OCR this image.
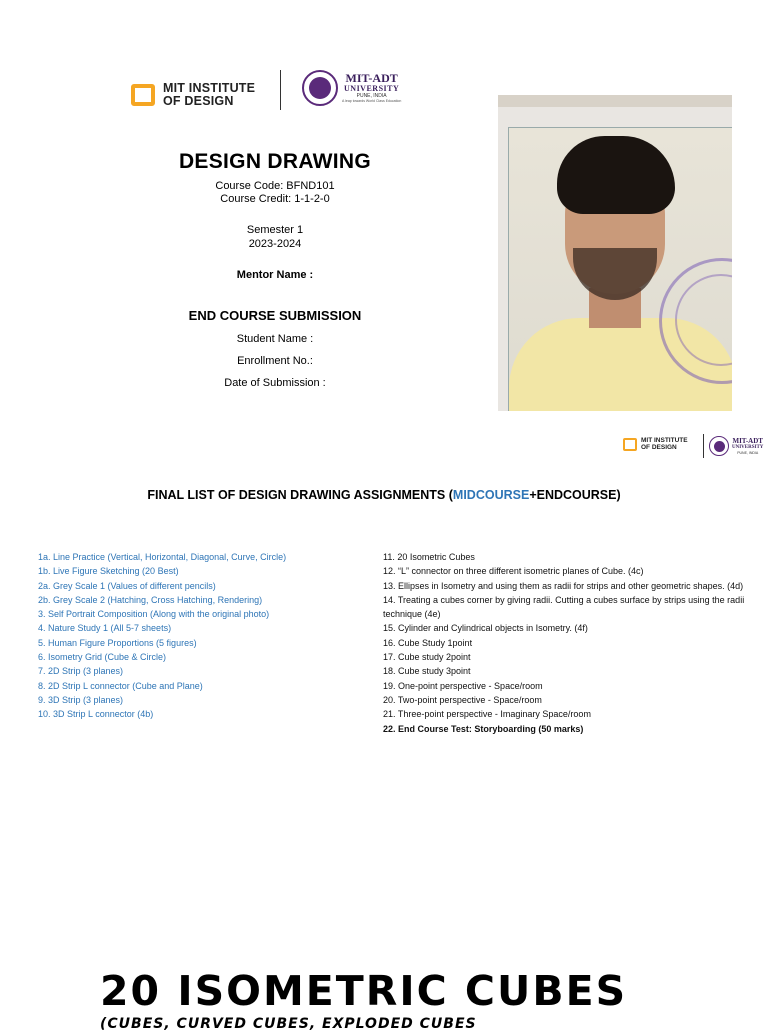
MIT INSTITUTE
OF DESIGN
MIT-ADT
UNIVERSITY
PUNE, INDIA
A leap towards World Class Education
DESIGN DRAWING
Course Code: BFND101
Course Credit: 1-1-2-0
Semester 1
2023-2024
Mentor Name :
END COURSE SUBMISSION
Student Name :
Enrollment No.:
Date of Submission :
MIT INSTITUTE
OF DESIGN
MIT-ADT
UNIVERSITY
PUNE, INDIA
FINAL LIST OF DESIGN DRAWING ASSIGNMENTS (MIDCOURSE+ENDCOURSE)
1a. Line Practice (Vertical, Horizontal, Diagonal, Curve, Circle)
1b. Live Figure Sketching (20 Best)
2a. Grey Scale 1 (Values of different pencils)
2b. Grey Scale 2 (Hatching, Cross Hatching, Rendering)
3. Self Portrait Composition (Along with the original photo)
4. Nature Study 1 (All 5-7 sheets)
5. Human Figure Proportions (5 figures)
6. Isometry Grid (Cube & Circle)
7. 2D Strip (3 planes)
8. 2D Strip L connector (Cube and Plane)
9. 3D Strip (3 planes)
10. 3D Strip L connector (4b)
11. 20 Isometric Cubes
12. “L” connector on three different isometric planes of Cube. (4c)
13. Ellipses in Isometry and using them as radii for strips and other geometric shapes. (4d)
14. Treating a cubes corner by giving radii. Cutting a cubes surface by strips using the radii technique (4e)
15. Cylinder and Cylindrical objects in Isometry. (4f)
16. Cube Study 1point
17. Cube study 2point
18. Cube study 3point
19. One-point perspective - Space/room
20. Two-point perspective - Space/room
21. Three-point perspective - Imaginary Space/room
22. End Course Test: Storyboarding (50 marks)
20 ISOMETRIC CUBES
(CUBES, CURVED CUBES, EXPLODED CUBES
